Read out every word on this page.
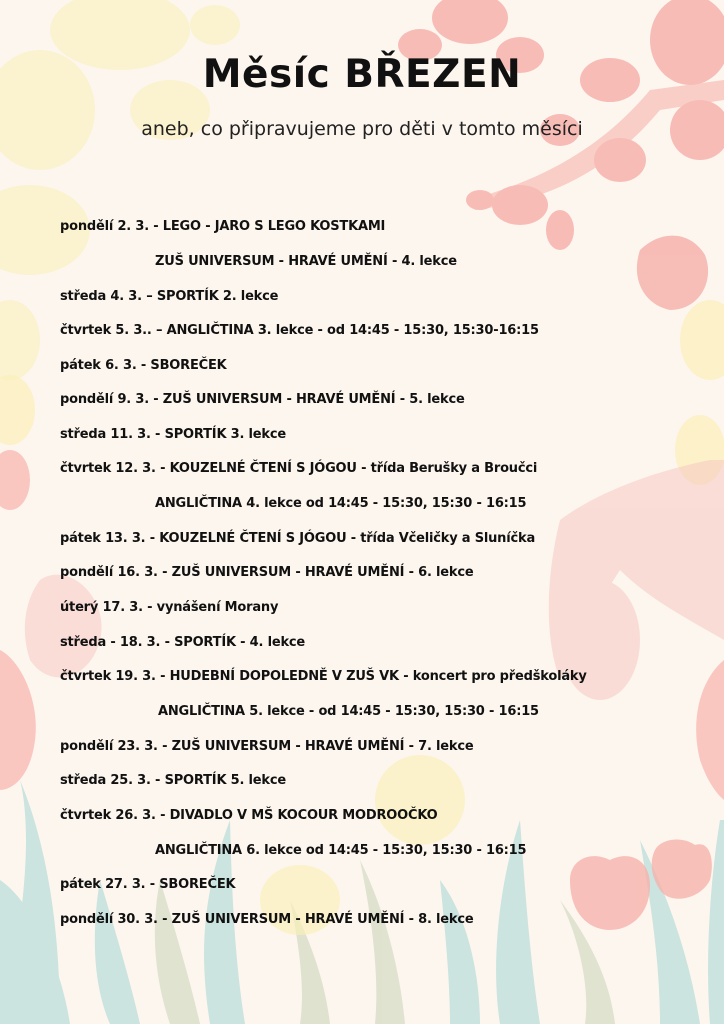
Měsíc BŘEZEN
aneb, co připravujeme pro děti v tomto měsíci
pondělí 2. 3. - LEGO - JARO S LEGO KOSTKAMI
ZUŠ UNIVERSUM - HRAVÉ UMĚNÍ - 4. lekce
středa 4. 3. – SPORTÍK 2. lekce
čtvrtek 5. 3.. – ANGLIČTINA 3. lekce - od 14:45 - 15:30, 15:30-16:15
pátek 6. 3. - SBOREČEK
pondělí 9. 3. - ZUŠ UNIVERSUM - HRAVÉ UMĚNÍ - 5. lekce
středa 11. 3. - SPORTÍK 3. lekce
čtvrtek 12. 3. - KOUZELNÉ ČTENÍ S JÓGOU - třída Berušky a Broučci
ANGLIČTINA 4. lekce od 14:45 - 15:30, 15:30 - 16:15
pátek 13. 3. - KOUZELNÉ ČTENÍ S JÓGOU - třída Včeličky a Sluníčka
pondělí 16. 3. - ZUŠ UNIVERSUM - HRAVÉ UMĚNÍ - 6. lekce
úterý 17. 3. - vynášení Morany
středa - 18. 3. - SPORTÍK - 4. lekce
čtvrtek 19. 3. - HUDEBNÍ DOPOLEDNĚ V ZUŠ VK - koncert pro předškoláky
ANGLIČTINA 5. lekce - od 14:45 - 15:30, 15:30 - 16:15
pondělí 23. 3. - ZUŠ UNIVERSUM - HRAVÉ UMĚNÍ - 7. lekce
středa 25. 3. - SPORTÍK 5. lekce
čtvrtek 26. 3. - DIVADLO V MŠ KOCOUR MODROOČKO
ANGLIČTINA 6. lekce od 14:45 - 15:30, 15:30 - 16:15
pátek 27. 3. - SBOREČEK
pondělí 30. 3. - ZUŠ UNIVERSUM - HRAVÉ UMĚNÍ - 8. lekce
